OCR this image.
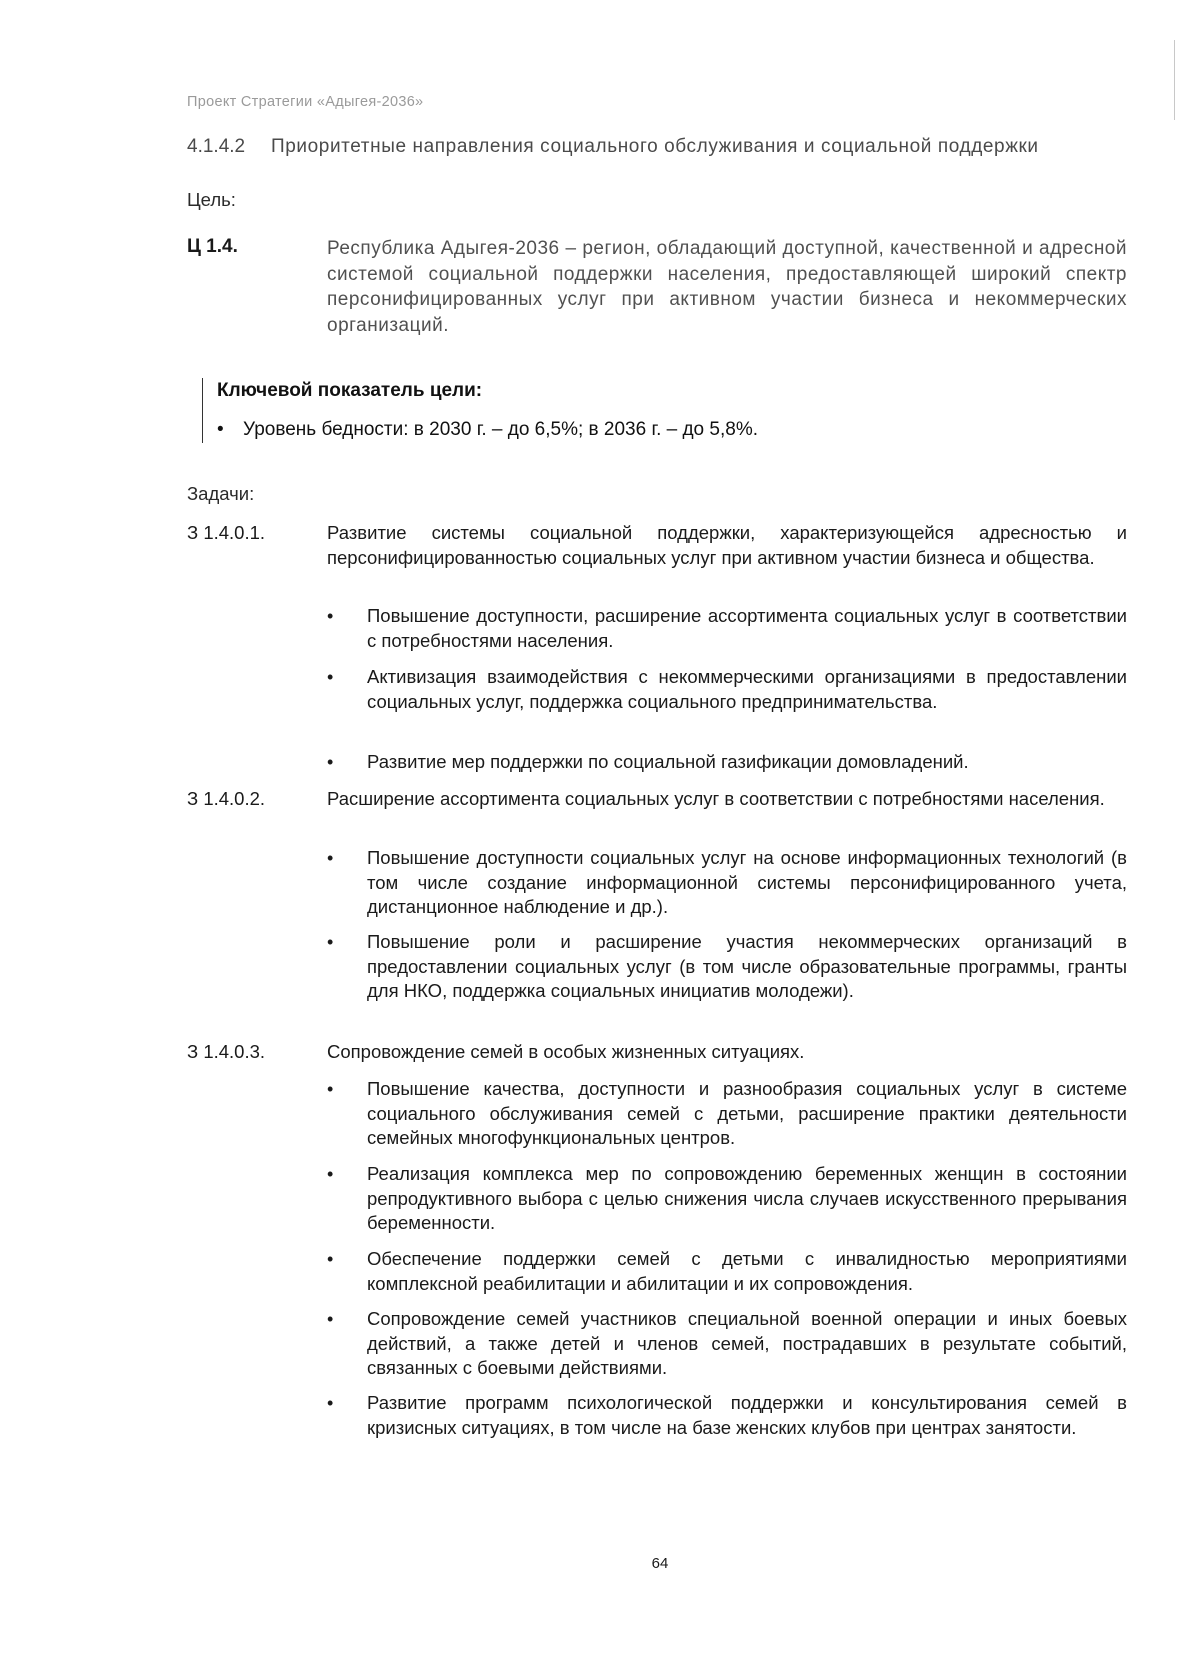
Проект Стратегии «Адыгея-2036»
4.1.4.2	Приоритетные направления социального обслуживания и социальной поддержки
Цель:
Ц 1.4.	Республика Адыгея-2036 – регион, обладающий доступной, качественной и адресной системой социальной поддержки населения, предоставляющей широкий спектр персонифицированных услуг при активном участии бизнеса и некоммерческих организаций.
Ключевой показатель цели:
•	Уровень бедности: в 2030 г. – до 6,5%; в 2036 г. – до 5,8%.
Задачи:
З 1.4.0.1.	Развитие системы социальной поддержки, характеризующейся адресностью и персонифицированностью социальных услуг при активном участии бизнеса и общества.
•	Повышение доступности, расширение ассортимента социальных услуг в соответствии с потребностями населения.
•	Активизация взаимодействия с некоммерческими организациями в предоставлении социальных услуг, поддержка социального предпринимательства.
•	Развитие мер поддержки по социальной газификации домовладений.
З 1.4.0.2.	Расширение ассортимента социальных услуг в соответствии с потребностями населения.
•	Повышение доступности социальных услуг на основе информационных технологий (в том числе создание информационной системы персонифицированного учета, дистанционное наблюдение и др.).
•	Повышение роли и расширение участия некоммерческих организаций в предоставлении социальных услуг (в том числе образовательные программы, гранты для НКО, поддержка социальных инициатив молодежи).
З 1.4.0.3.	Сопровождение семей в особых жизненных ситуациях.
•	Повышение качества, доступности и разнообразия социальных услуг в системе социального обслуживания семей с детьми, расширение практики деятельности семейных многофункциональных центров.
•	Реализация комплекса мер по сопровождению беременных женщин в состоянии репродуктивного выбора с целью снижения числа случаев искусственного прерывания беременности.
•	Обеспечение поддержки семей с детьми с инвалидностью мероприятиями комплексной реабилитации и абилитации и их сопровождения.
•	Сопровождение семей участников специальной военной операции и иных боевых действий, а также детей и членов семей, пострадавших в результате событий, связанных с боевыми действиями.
•	Развитие программ психологической поддержки и консультирования семей в кризисных ситуациях, в том числе на базе женских клубов при центрах занятости.
64
